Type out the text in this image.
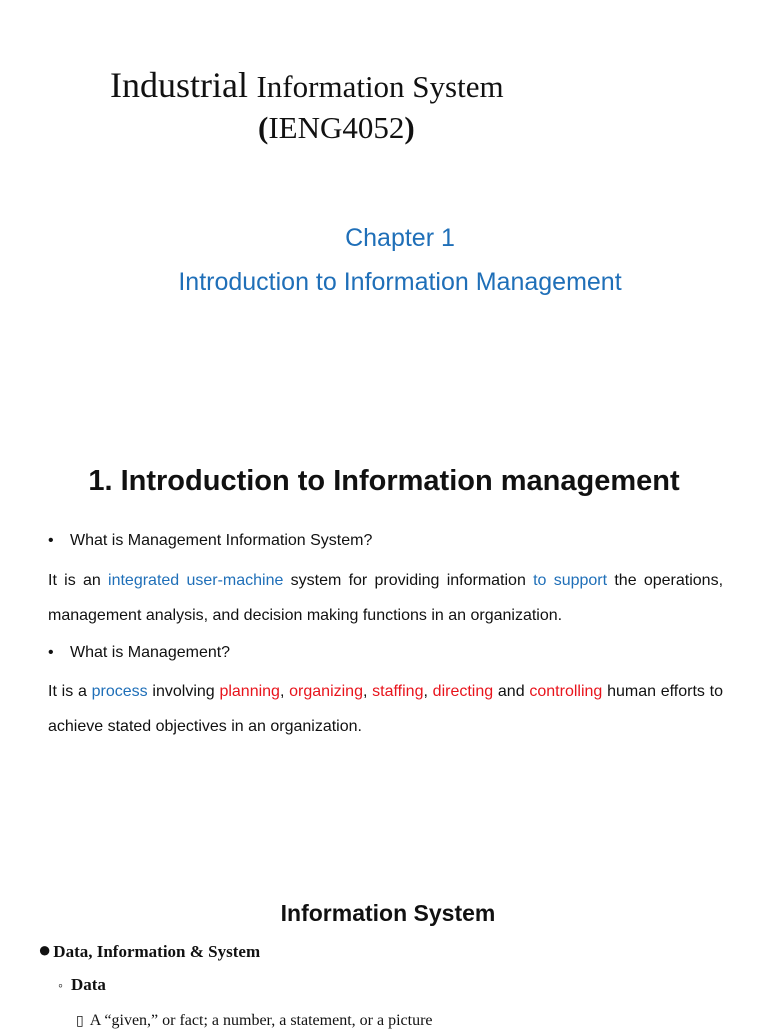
Industrial Information System
(IENG4052)
Chapter 1
Introduction to Information Management
1. Introduction to Information management
• What is Management Information System?
It is an integrated user-machine system for providing information to support the operations, management analysis, and decision making functions in an organization.
• What is Management?
It is a process involving planning, organizing, staffing, directing and controlling human efforts to achieve stated objectives in an organization.
Information System
● Data, Information & System
◦ Data
▯ A “given,” or fact; a number, a statement, or a picture
